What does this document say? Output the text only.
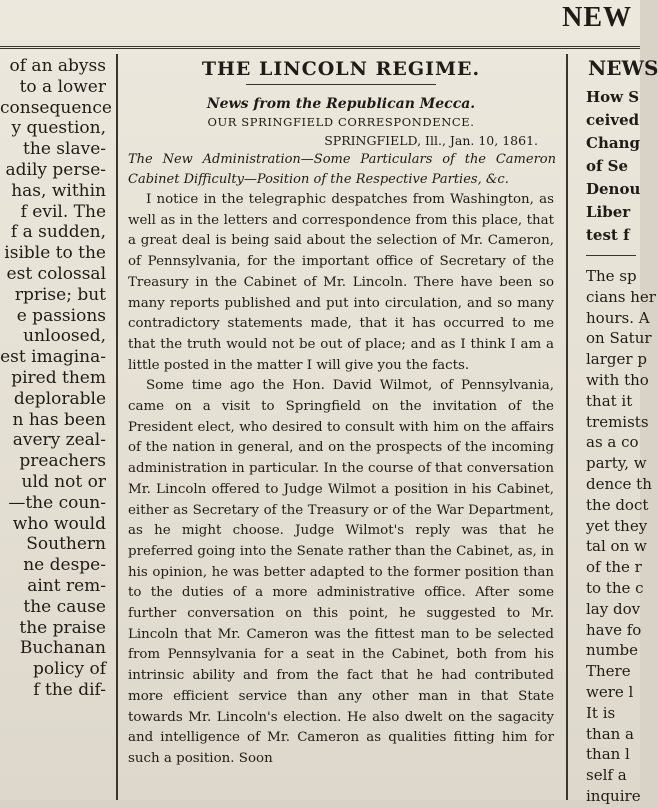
NEW
of an abyss
to a lower
consequence
y question,
the slave-
adily perse-
has, within
f evil. The
f a sudden,
isible to the
est colossal
rprise; but
e passions
unloosed,
est imagina-
pired them
deplorable
n has been
avery zeal-
preachers
uld not or
—the coun-
who would
Southern
ne despe-
aint rem-
the cause
the praise
Buchanan
policy of
f the dif-
THE LINCOLN REGIME.
News from the Republican Mecca.
OUR SPRINGFIELD CORRESPONDENCE.
SPRINGFIELD, Ill., Jan. 10, 1861.
The New Administration—Some Particulars of the Cameron Cabinet Difficulty—Position of the Respective Parties, &c.

I notice in the telegraphic despatches from Washington, as well as in the letters and correspondence from this place, that a great deal is being said about the selection of Mr. Cameron, of Pennsylvania, for the important office of Secretary of the Treasury in the Cabinet of Mr. Lincoln. There have been so many reports published and put into circulation, and so many contradictory statements made, that it has occurred to me that the truth would not be out of place; and as I think I am a little posted in the matter I will give you the facts.

Some time ago the Hon. David Wilmot, of Pennsylvania, came on a visit to Springfield on the invitation of the President elect, who desired to consult with him on the affairs of the nation in general, and on the prospects of the incoming administration in particular. In the course of that conversation Mr. Lincoln offered to Judge Wilmot a position in his Cabinet, either as Secretary of the Treasury or of the War Department, as he might choose. Judge Wilmot's reply was that he preferred going into the Senate rather than the Cabinet, as, in his opinion, he was better adapted to the former position than to the duties of a more administrative office. After some further conversation on this point, he suggested to Mr. Lincoln that Mr. Cameron was the fittest man to be selected from Pennsylvania for a seat in the Cabinet, both from his intrinsic ability and from the fact that he had contributed more efficient service than any other man in that State towards Mr. Lincoln's election. He also dwelt on the sagacity and intelligence of Mr. Cameron as qualities fitting him for such a position. Soon

NEWS
How S
ceived
Chang
of Se
Denou
Liber
test f
The sp
cians her
hours. A
on Satur
larger p
with tho
that it
tremists
as a co
party, w
dence th
the doct
yet they
tal on w
of the r
to the c
lay dov
have fo
numbe
There
were l
It is
than a
than l
self a
inquire
